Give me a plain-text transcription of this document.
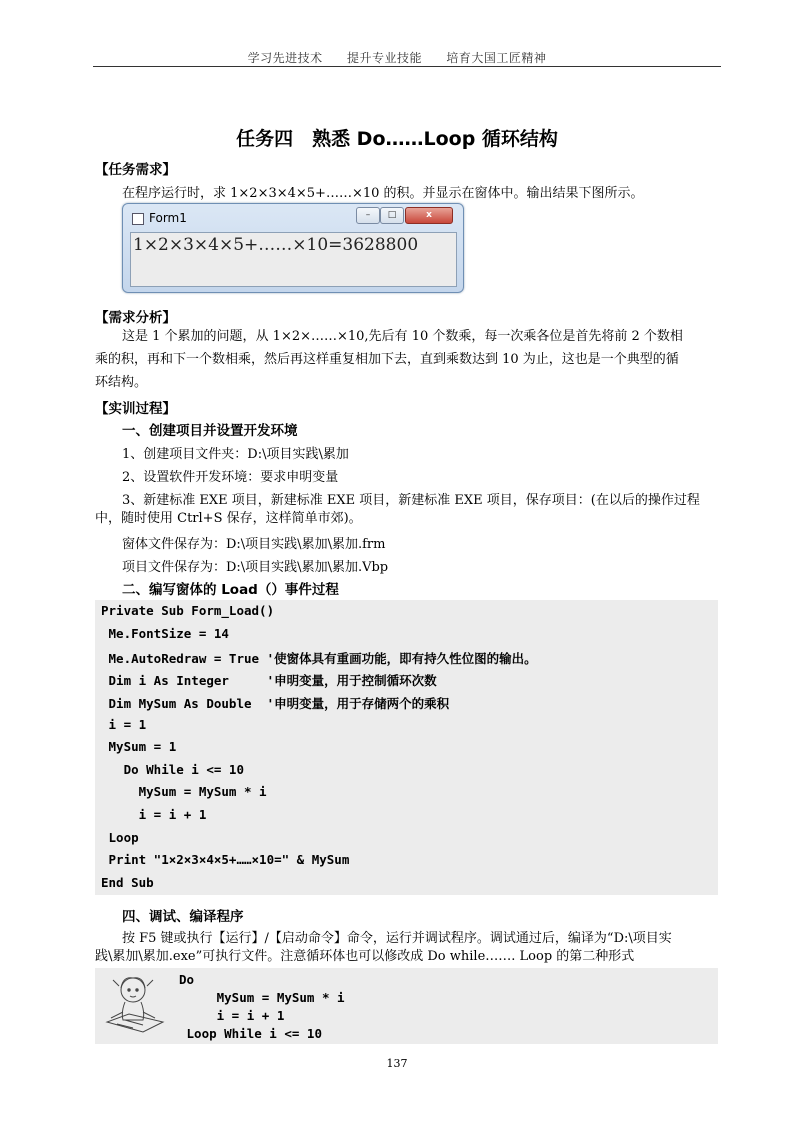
学习先进技术 提升专业技能 培育大国工匠精神
任务四　熟悉 Do……Loop 循环结构
【任务需求】
在程序运行时，求 1×2×3×4×5+……×10 的积。并显示在窗体中。输出结果下图所示。
Form1	–	□	x
1×2×3×4×5+……×10=3628800
【需求分析】
这是 1 个累加的问题，从 1×2×……×10,先后有 10 个数乘，每一次乘各位是首先将前 2 个数相
乘的积，再和下一个数相乘，然后再这样重复相加下去，直到乘数达到 10 为止，这也是一个典型的循
环结构。
【实训过程】
一、创建项目并设置开发环境
1、创建项目文件夹：D:\项目实践\累加
2、设置软件开发环境：要求申明变量
3、新建标准 EXE 项目，新建标准 EXE 项目，新建标准 EXE 项目，保存项目：(在以后的操作过程
中，随时使用 Ctrl+S 保存，这样简单市郊)。
窗体文件保存为：D:\项目实践\累加\累加.frm
项目文件保存为：D:\项目实践\累加\累加.Vbp
二、编写窗体的 Load（）事件过程
Private Sub Form_Load()
Me.FontSize = 14
Me.AutoRedraw = True '使窗体具有重画功能，即有持久性位图的输出。
Dim i As Integer     '申明变量，用于控制循环次数
Dim MySum As Double  '申明变量，用于存储两个的乘积
i = 1
MySum = 1
Do While i <= 10
MySum = MySum * i
i = i + 1
Loop
Print "1×2×3×4×5+……×10=" & MySum
End Sub
四、调试、编译程序
按 F5 键或执行【运行】/【启动命令】命令，运行并调试程序。调试通过后，编译为“D:\项目实
践\累加\累加.exe”可执行文件。注意循环体也可以修改成 Do while……. Loop 的第二种形式
Do
MySum = MySum * i
i = i + 1
Loop While i <= 10
137
